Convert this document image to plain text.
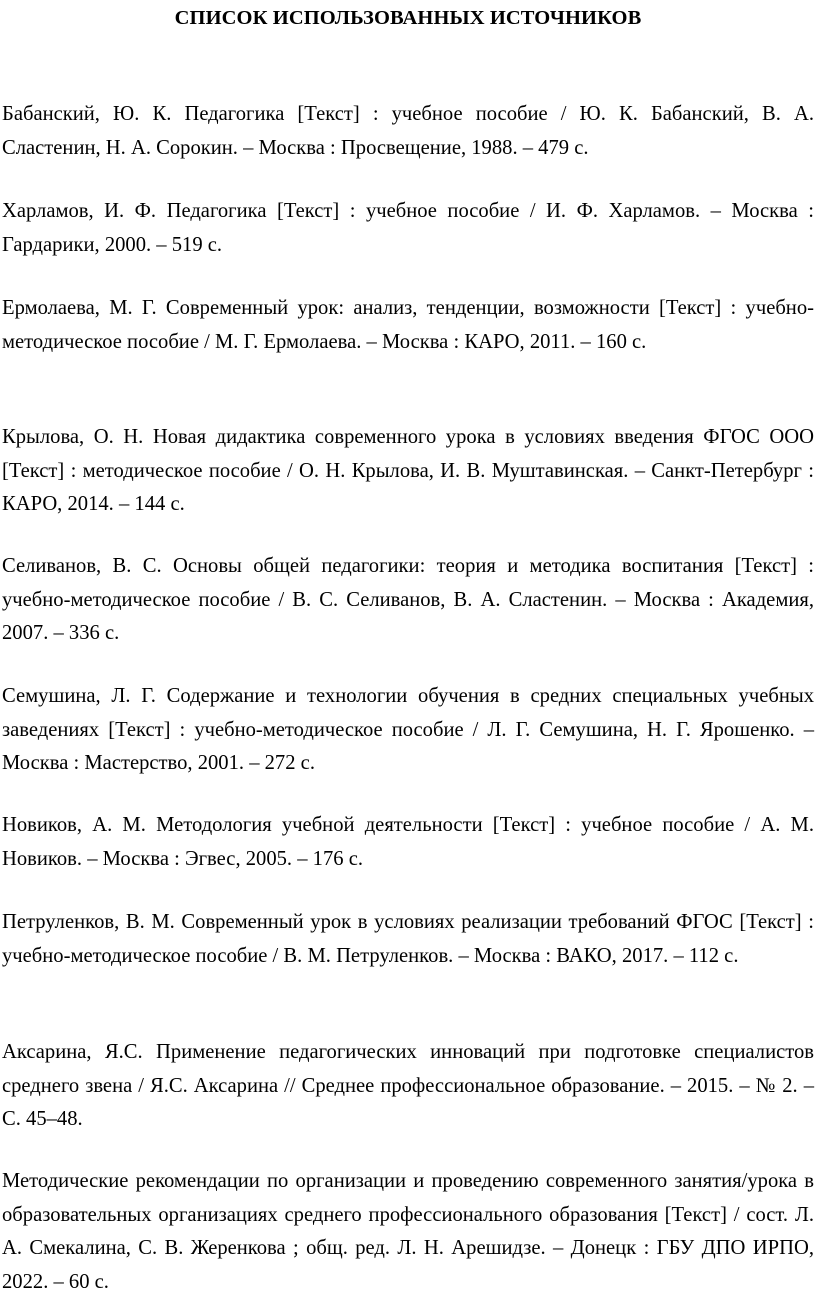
СПИСОК ИСПОЛЬЗОВАННЫХ ИСТОЧНИКОВ

Бабанский, Ю. К. Педагогика [Текст] : учебное пособие / Ю. К. Бабанский, В. А. Сластенин, Н. А. Сорокин. – Москва : Просвещение, 1988. – 479 с.

Харламов, И. Ф. Педагогика [Текст] : учебное пособие / И. Ф. Харламов. – Москва : Гардарики, 2000. – 519 с.

Ермолаева, М. Г. Современный урок: анализ, тенденции, возможности [Текст] : учебно-методическое пособие / М. Г. Ермолаева. – Москва : КАРО, 2011. – 160 с.

Крылова, О. Н. Новая дидактика современного урока в условиях введения ФГОС ООО [Текст] : методическое пособие / О. Н. Крылова, И. В. Муштавинская. – Санкт-Петербург : КАРО, 2014. – 144 с.

Селиванов, В. С. Основы общей педагогики: теория и методика воспитания [Текст] : учебно-методическое пособие / В. С. Селиванов, В. А. Сластенин. – Москва : Академия, 2007. – 336 с.

Семушина, Л. Г. Содержание и технологии обучения в средних специальных учебных заведениях [Текст] : учебно-методическое пособие / Л. Г. Семушина, Н. Г. Ярошенко. – Москва : Мастерство, 2001. – 272 с.

Новиков, А. М. Методология учебной деятельности [Текст] : учебное пособие / А. М. Новиков. – Москва : Эгвес, 2005. – 176 с.

Петруленков, В. М. Современный урок в условиях реализации требований ФГОС [Текст] : учебно-методическое пособие / В. М. Петруленков. – Москва : ВАКО, 2017. – 112 с.

Аксарина, Я.С. Применение педагогических инноваций при подготовке специалистов среднего звена / Я.С. Аксарина // Среднее профессиональное образование. – 2015. – № 2. – С. 45–48.

Методические рекомендации по организации и проведению современного занятия/урока в образовательных организациях среднего профессионального образования [Текст] / сост. Л. А. Смекалина, С. В. Жеренкова ; общ. ред. Л. Н. Арешидзе. – Донецк : ГБУ ДПО ИРПО, 2022. – 60 с.
